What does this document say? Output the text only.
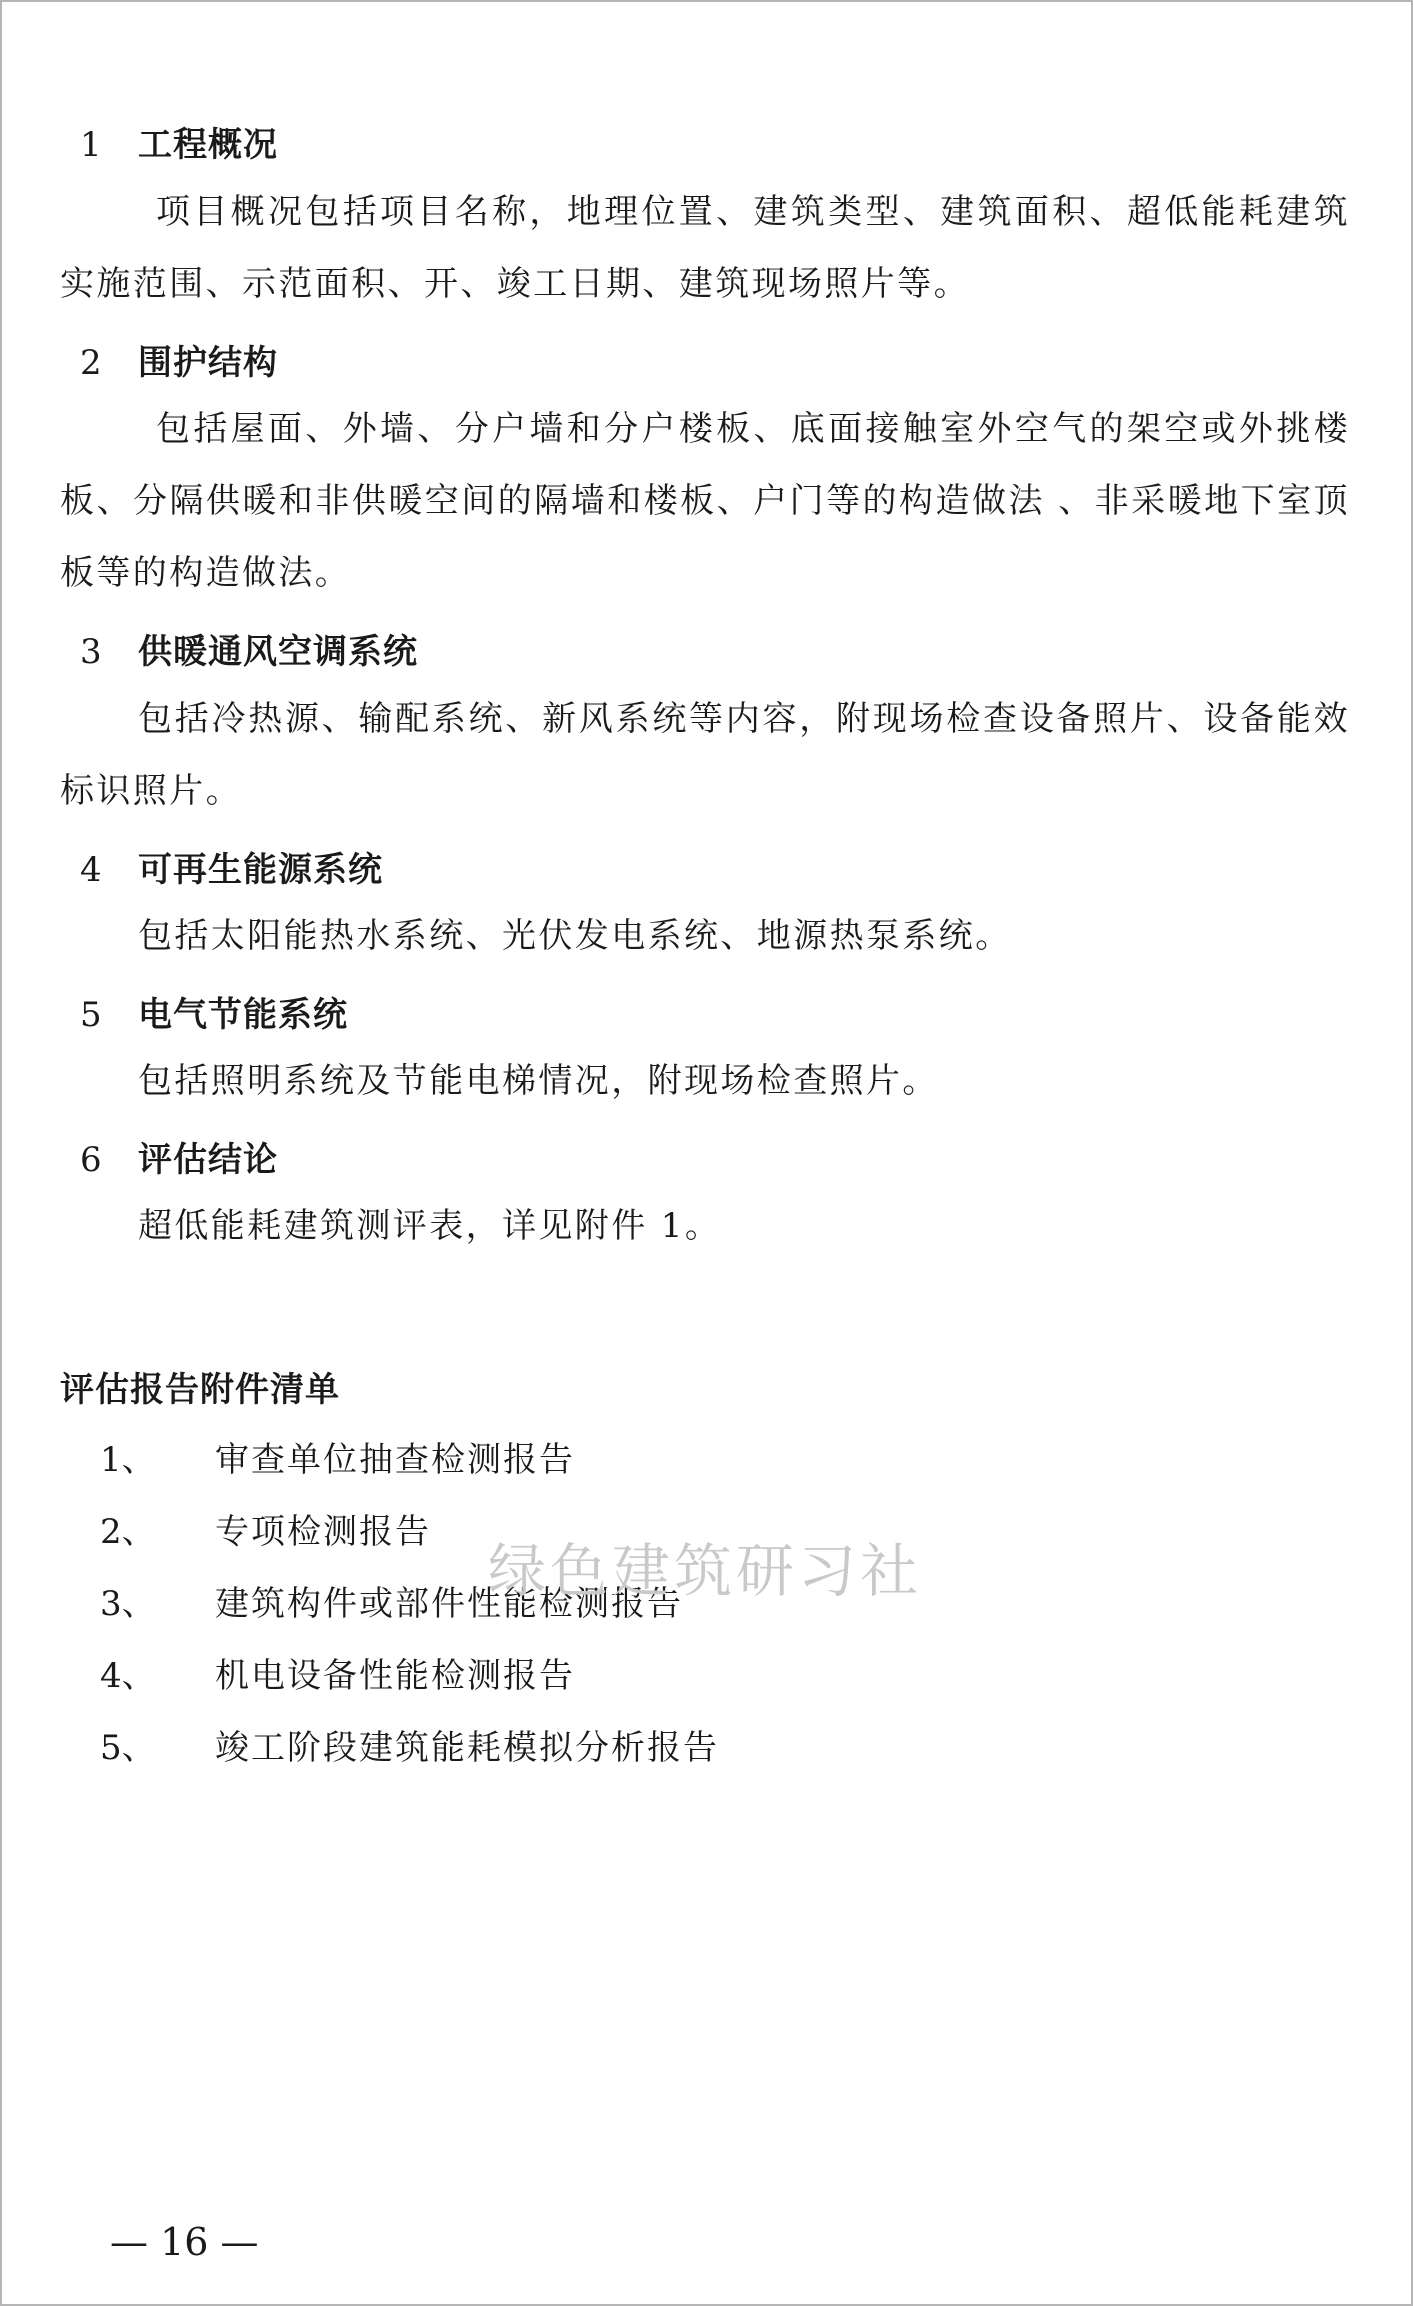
1 工程概况
项目概况包括项目名称，地理位置、建筑类型、建筑面积、超低能耗建筑实施范围、示范面积、开、竣工日期、建筑现场照片等。
2 围护结构
包括屋面、外墙、分户墙和分户楼板、底面接触室外空气的架空或外挑楼板、分隔供暖和非供暖空间的隔墙和楼板、户门等的构造做法 、非采暖地下室顶板等的构造做法。
3 供暖通风空调系统
包括冷热源、输配系统、新风系统等内容，附现场检查设备照片、设备能效标识照片。
4 可再生能源系统
包括太阳能热水系统、光伏发电系统、地源热泵系统。
5 电气节能系统
包括照明系统及节能电梯情况，附现场检查照片。
6 评估结论
超低能耗建筑测评表，详见附件 1。
评估报告附件清单
1、 审查单位抽查检测报告
2、 专项检测报告
3、 建筑构件或部件性能检测报告
4、 机电设备性能检测报告
5、 竣工阶段建筑能耗模拟分析报告
绿色建筑研习社
— 16 —
